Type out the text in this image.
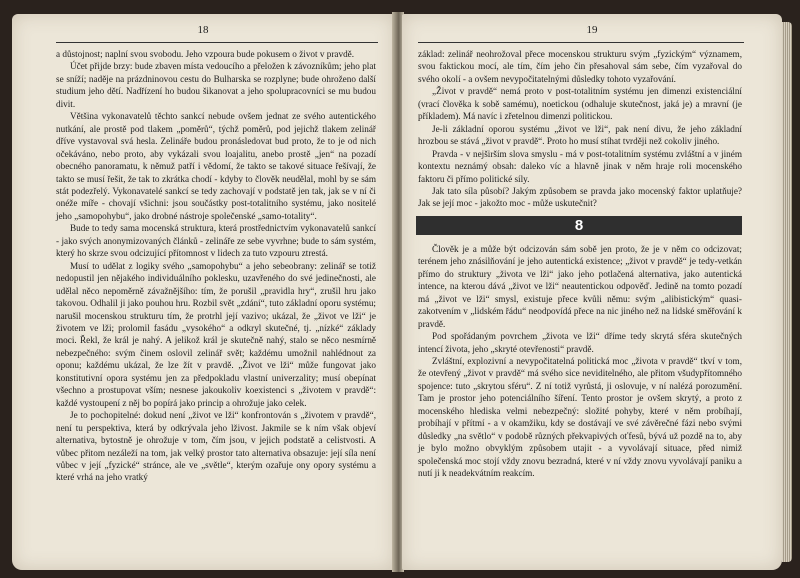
18

a důstojnost; naplní svou svobodu. Jeho vzpoura bude pokusem o život v pravdě.

Účet přijde brzy: bude zbaven místa vedoucího a přeložen k závozníkům; jeho plat se sníží; naděje na prázdninovou cestu do Bulharska se rozplyne; bude ohroženo další studium jeho dětí. Nadřízení ho budou šikanovat a jeho spolupracovníci se mu budou divit.

Většina vykonavatelů těchto sankcí nebude ovšem jednat ze svého autentického nutkání, ale prostě pod tlakem „poměrů“, týchž poměrů, pod jejichž tlakem zelinář dříve vystavoval svá hesla. Zelináře budou pronásledovat bud proto, že to je od nich očekáváno, nebo proto, aby vykázali svou loajalitu, anebo prostě „jen“ na pozadí obecného panoramatu, k němuž patří i vědomí, že takto se takové situace řešívají, že takto se musí řešit, že tak to zkrátka chodí - kdyby to člověk neudělal, mohl by se sám stát podezřelý. Vykonavatelé sankcí se tedy zachovají v podstatě jen tak, jak se v ní či onéže míře - chovají všichni: jsou součástky post-totalitního systému, jako nositelé jeho „samopohybu“, jako drobné nástroje společenské „samo-totality“.

Bude to tedy sama mocenská struktura, která prostřednictvím vykonavatelů sankcí - jako svých anonymizovaných článků - zelináře ze sebe vyvrhne; bude to sám systém, který ho skrze svou odcizující přítomnost v lidech za tuto vzpouru ztrestá.

Musí to udělat z logiky svého „samopohybu“ a jeho sebeobrany: zelinář se totiž nedopustil jen nějakého individuálního poklesku, uzavřeného do své jedinečnosti, ale udělal něco nepoměrně závažnějšího: tím, že porušil „pravidla hry“, zrušil hru jako takovou. Odhalil ji jako pouhou hru. Rozbil svět „zdání“, tuto základní oporu systému; narušil mocenskou strukturu tím, že protrhl její vazivo; ukázal, že „život ve lži“ je životem ve lži; prolomil fasádu „vysokého“ a odkryl skutečné, tj. „nízké“ základy moci. Řekl, že král je nahý. A jelikož král je skutečně nahý, stalo se něco nesmírně nebezpečného: svým činem oslovil zelinář svět; každému umožnil nahlédnout za oponu; každému ukázal, že lze žít v pravdě. „Život ve lži“ může fungovat jako konstitutivní opora systému jen za předpokladu vlastní univerzality; musí obepínat všechno a prostupovat vším; nesnese jakoukoliv koexistenci s „životem v pravdě“: každé vystoupení z něj bo popírá jako princip a ohrožuje jako celek.

Je to pochopitelné: dokud není „život ve lži“ konfrontován s „životem v pravdě“, není tu perspektiva, která by odkrývala jeho lživost. Jakmile se k ním však objeví alternativa, bytostně je ohrožuje v tom, čím jsou, v jejich podstatě a celistvosti. A vůbec přitom nezáleží na tom, jak velký prostor tato alternativa obsazuje: její síla není vůbec v její „fyzické“ stránce, ale ve „světle“, kterým ozařuje ony opory systému a které vrhá na jeho vratký

19

základ: zelinář neohrožoval přece mocenskou strukturu svým „fyzickým“ významem, svou faktickou mocí, ale tím, čím jeho čin přesahoval sám sebe, čím vyzařoval do svého okolí - a ovšem nevypočitatelnými důsledky tohoto vyzařování.

„Život v pravdě“ nemá proto v post-totalitním systému jen dimenzi existenciální (vrací člověka k sobě samému), noetickou (odhaluje skutečnost, jaká je) a mravní (je příkladem). Má navíc i zřetelnou dimenzi politickou.

Je-li základní oporou systému „život ve lži“, pak není divu, že jeho základní hrozbou se stává „život v pravdě“. Proto ho musí stíhat tvrději než cokoliv jiného.

Pravda - v nejširším slova smyslu - má v post-totalitním systému zvláštní a v jiném kontextu neznámý obsah: daleko víc a hlavně jinak v něm hraje roli mocenského faktoru či přímo politické síly.

Jak tato síla působí? Jakým způsobem se pravda jako mocenský faktor uplatňuje? Jak se její moc - jakožto moc - může uskutečnit?

8

Člověk je a může být odcizován sám sobě jen proto, že je v něm co odcizovat; terénem jeho znásilňování je jeho autentická existence; „život v pravdě“ je tedy-vetkán přímo do struktury „života ve lži“ jako jeho potlačená alternativa, jako autentická intence, na kterou dává „život ve lži“ neautentickou odpověď. Jedině na tomto pozadí má „život ve lži“ smysl, existuje přece kvůli němu: svým „alibistickým“ quasi-zakotvením v „lidském řádu“ neodpovídá přece na nic jiného než na lidské směřování k pravdě.

Pod spořádaným povrchem „života ve lži“ dříme tedy skrytá sféra skutečných intencí života, jeho „skryté otevřenosti“ pravdě.

Zvláštní, explozivní a nevypočitatelná politická moc „života v pravdě“ tkví v tom, že otevřený „život v pravdě“ má svého sice neviditelného, ale přitom všudypřítomného spojence: tuto „skrytou sféru“. Z ní totiž vyrůstá, ji oslovuje, v ní nalézá porozumění. Tam je prostor jeho potenciálního šíření. Tento prostor je ovšem skrytý, a proto z mocenského hlediska velmi nebezpečný: složité pohyby, které v něm probíhají, probíhají v přítmí - a v okamžiku, kdy se dostávají ve své závěrečné fázi nebo svými důsledky „na světlo“ v podobě různých překvapivých oťfesů, bývá už pozdě na to, aby je bylo možno obvyklým způsobem utajit - a vyvolávají situace, před nimiž společenská moc stojí vždy znovu bezradná, které v ní vždy znovu vyvolávají paniku a nutí ji k neadekvátním reakcím.
